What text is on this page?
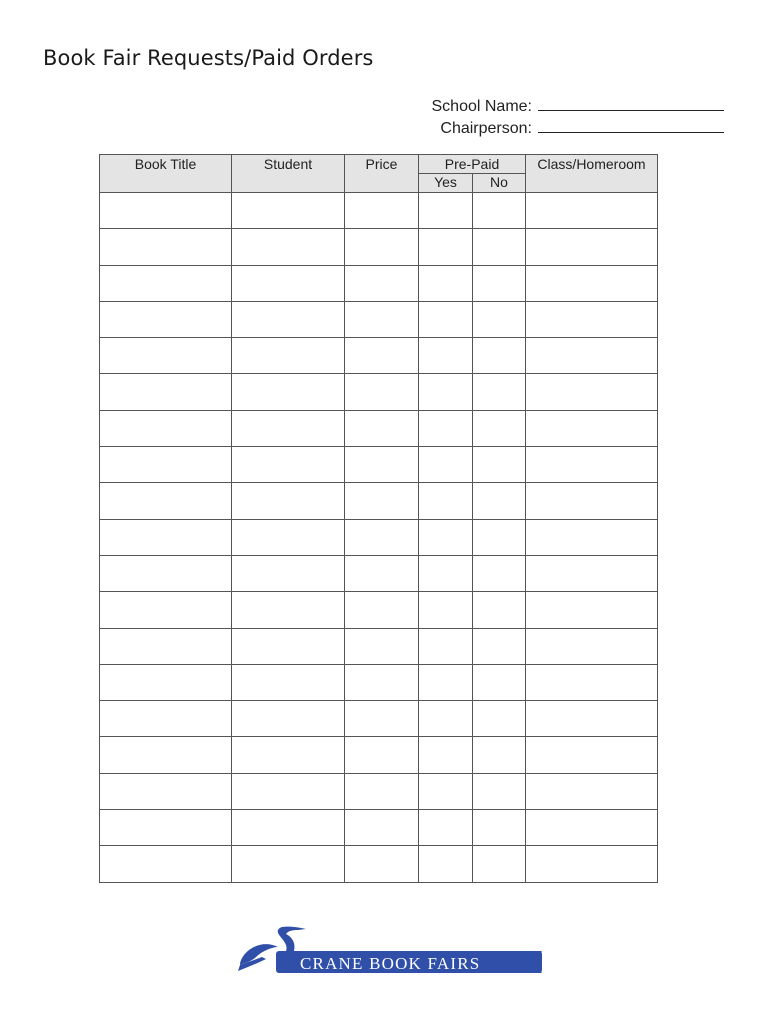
Book Fair Requests/Paid Orders
School Name:
Chairperson:
Book Title	Student	Price	Pre-Paid		Class/Homeroom
			Yes	No	

CRANE BOOK FAIRS
